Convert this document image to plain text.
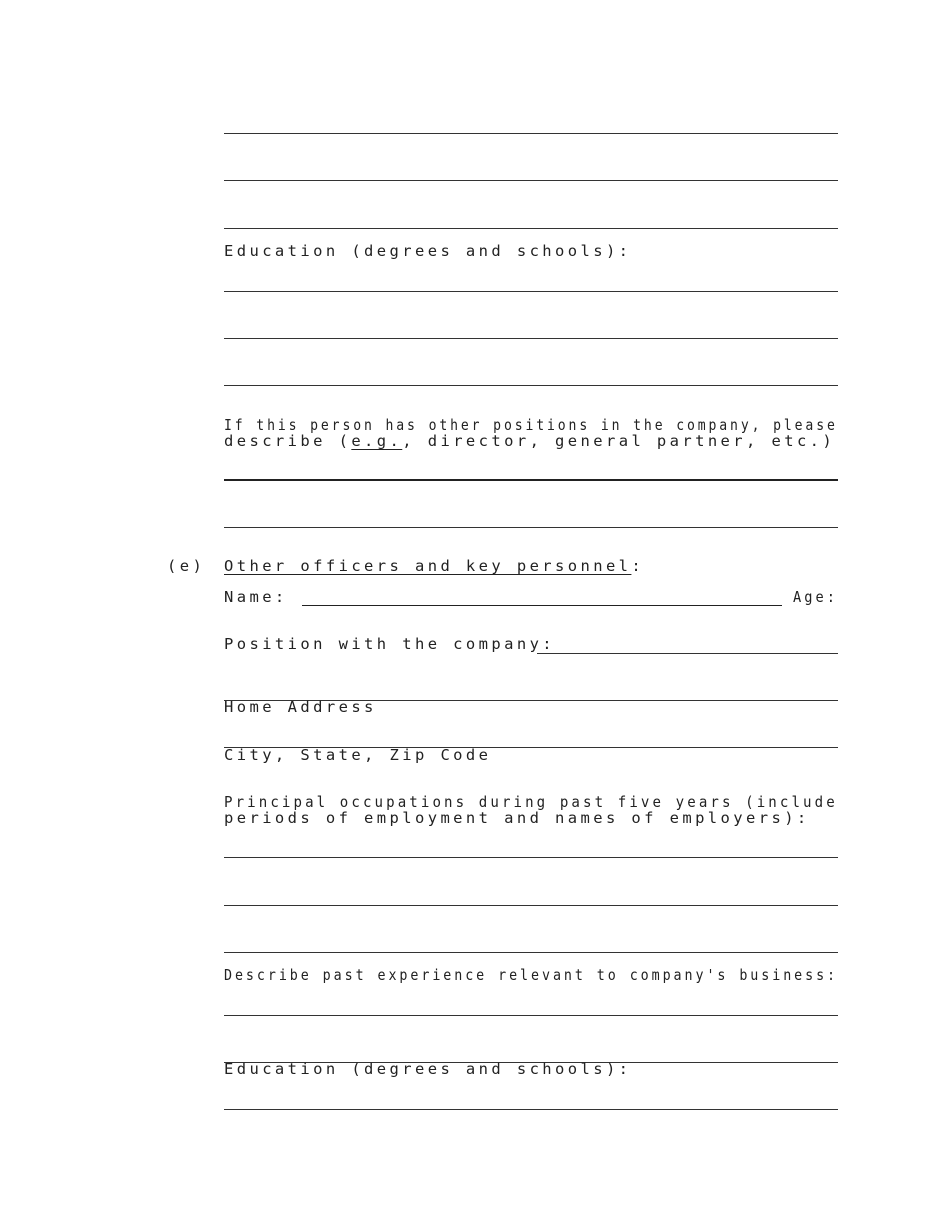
Education (degrees and schools):
If this person has other positions in the company, please
describe (e.g., director, general partner, etc.)
(e) Other officers and key personnel:
Name:	Age:
Position with the company:
Home Address
City, State, Zip Code
Principal occupations during past five years (include
periods of employment and names of employers):
Describe past experience relevant to company's business:
Education (degrees and schools):
